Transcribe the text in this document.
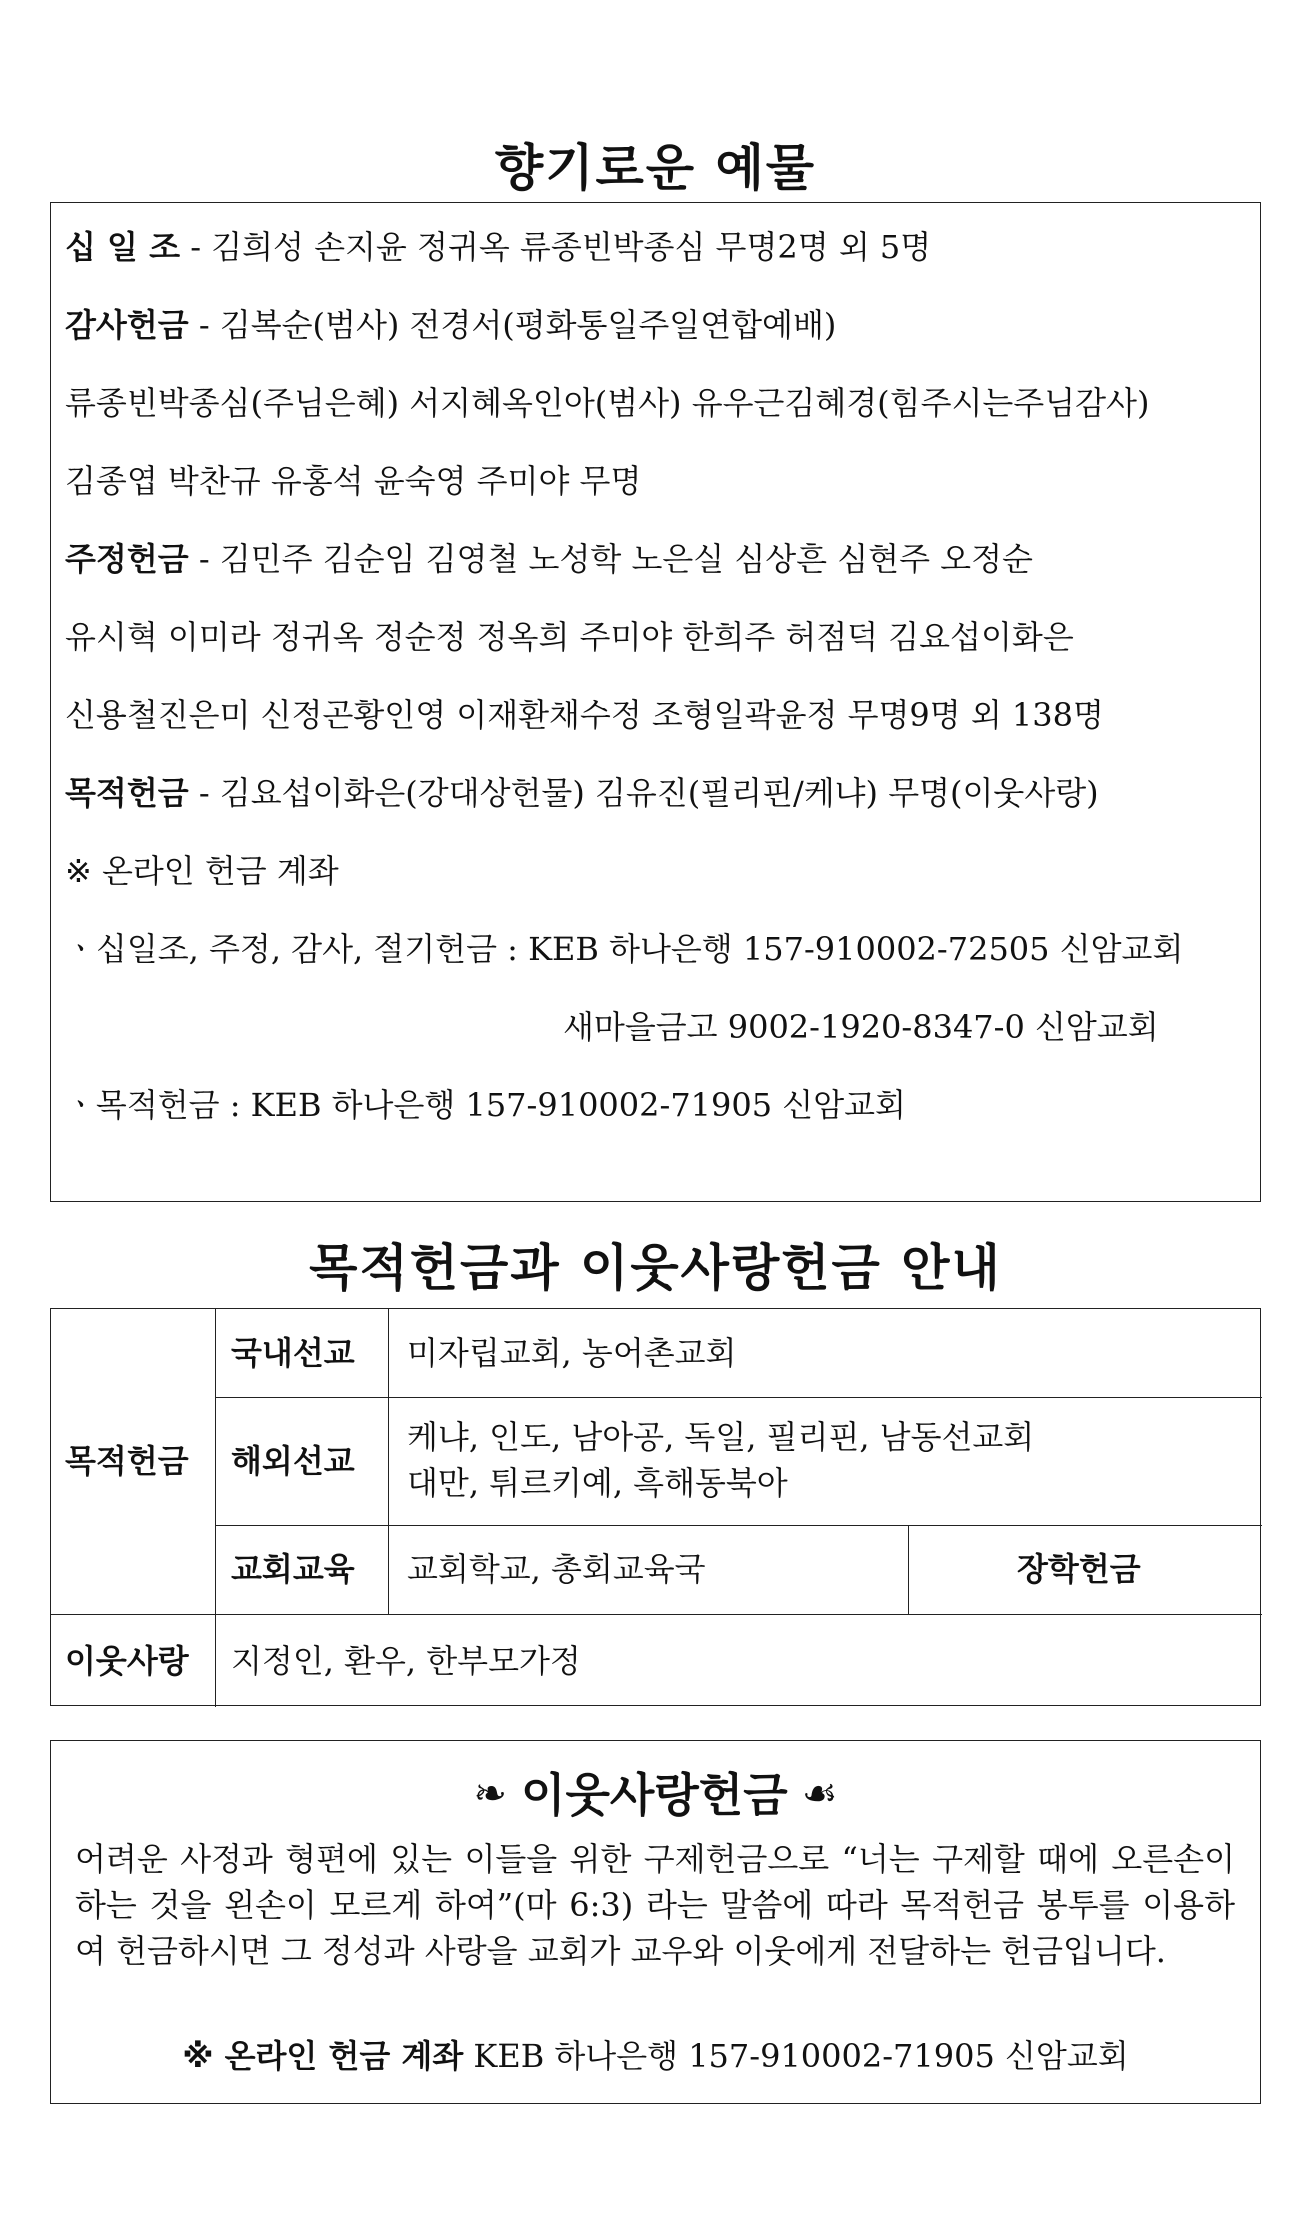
향기로운 예물
십 일 조 - 김희성 손지윤 정귀옥 류종빈박종심 무명2명 외 5명
감사헌금 - 김복순(범사) 전경서(평화통일주일연합예배)
류종빈박종심(주님은혜) 서지혜옥인아(범사) 유우근김혜경(힘주시는주님감사)
김종엽 박찬규 유홍석 윤숙영 주미야 무명
주정헌금 - 김민주 김순임 김영철 노성학 노은실 심상흔 심현주 오정순
유시혁 이미라 정귀옥 정순정 정옥희 주미야 한희주 허점덕 김요섭이화은
신용철진은미 신정곤황인영 이재환채수정 조형일곽윤정 무명9명 외 138명
목적헌금 - 김요섭이화은(강대상헌물) 김유진(필리핀/케냐) 무명(이웃사랑)
※ 온라인 헌금 계좌
ㆍ십일조, 주정, 감사, 절기헌금 : KEB 하나은행 157-910002-72505 신암교회
새마을금고 9002-1920-8347-0 신암교회
ㆍ목적헌금 : KEB 하나은행 157-910002-71905 신암교회
목적헌금과 이웃사랑헌금 안내
목적헌금
국내선교 미자립교회, 농어촌교회
해외선교
케냐, 인도, 남아공, 독일, 필리핀, 남동선교회
대만, 튀르키예, 흑해동북아
교회교육 교회학교, 총회교육국	장학헌금
이웃사랑 지정인, 환우, 한부모가정
❧ 이웃사랑헌금 ☙
어려운 사정과 형편에 있는 이들을 위한 구제헌금으로 “너는 구제할 때에 오른손이 하는 것을 왼손이 모르게 하여”(마 6:3) 라는 말씀에 따라 목적헌금 봉투를 이용하여 헌금하시면 그 정성과 사랑을 교회가 교우와 이웃에게 전달하는 헌금입니다.
※ 온라인 헌금 계좌 KEB 하나은행 157-910002-71905 신암교회
